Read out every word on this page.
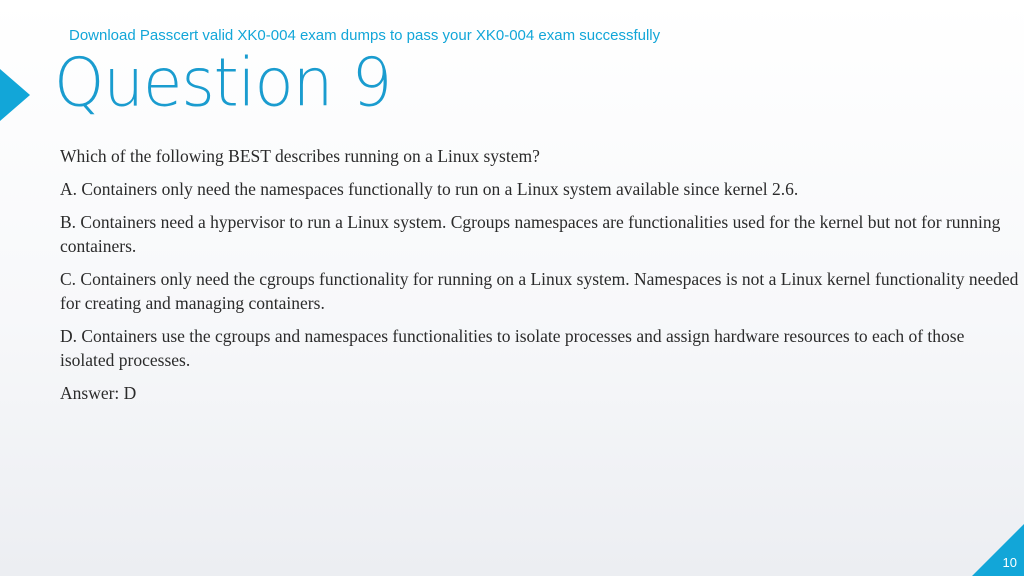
Download Passcert valid XK0-004 exam dumps to pass your XK0-004 exam successfully
Question 9

Which of the following BEST describes running on a Linux system?

A. Containers only need the namespaces functionally to run on a Linux system available since kernel 2.6.

B. Containers need a hypervisor to run a Linux system. Cgroups namespaces are functionalities used for the kernel but not for running containers.

C. Containers only need the cgroups functionality for running on a Linux system. Namespaces is not a Linux kernel functionality needed for creating and managing containers.

D. Containers use the cgroups and namespaces functionalities to isolate processes and assign hardware resources to each of those isolated processes.

Answer: D

10
